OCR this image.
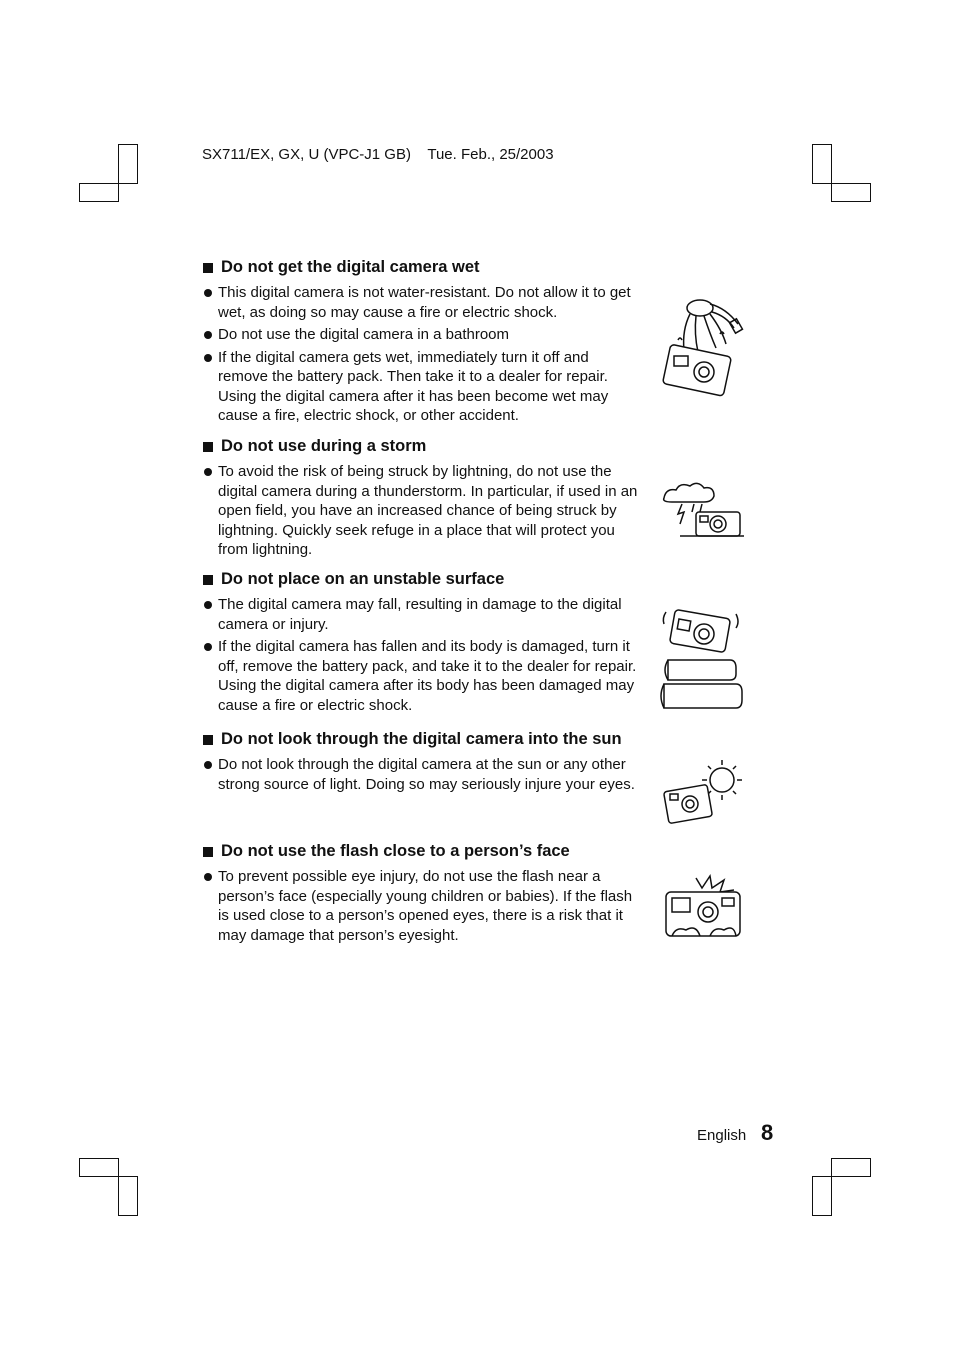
SX711/EX, GX, U (VPC-J1 GB)    Tue. Feb., 25/2003
Do not get the digital camera wet
This digital camera is not water-resistant. Do not allow it to get wet, as doing so may cause a fire or electric shock.
Do not use the digital camera in a bathroom
If the digital camera gets wet, immediately turn it off and remove the battery pack. Then take it to a dealer for repair. Using the digital camera after it has been become wet may cause a fire, electric shock, or other accident.
Do not use during a storm
To avoid the risk of being struck by lightning, do not use the digital camera during a thunderstorm. In particular, if used in an open field, you have an increased chance of being struck by lightning. Quickly seek refuge in a place that will protect you from lightning.
Do not place on an unstable surface
The digital camera may fall, resulting in damage to the digital camera or injury.
If the digital camera has fallen and its body is damaged, turn it off, remove the battery pack, and take it to the dealer for repair. Using the digital camera after its body has been damaged may cause a fire or electric shock.
Do not look through the digital camera into the sun
Do not look through the digital camera at the sun or any other strong source of light. Doing so may seriously injure your eyes.
Do not use the flash close to a person’s face
To prevent possible eye injury, do not use the flash near a person’s face (especially young children or babies). If the flash is used close to a person’s opened eyes, there is a risk that it may damage that person’s eyesight.
English 8
